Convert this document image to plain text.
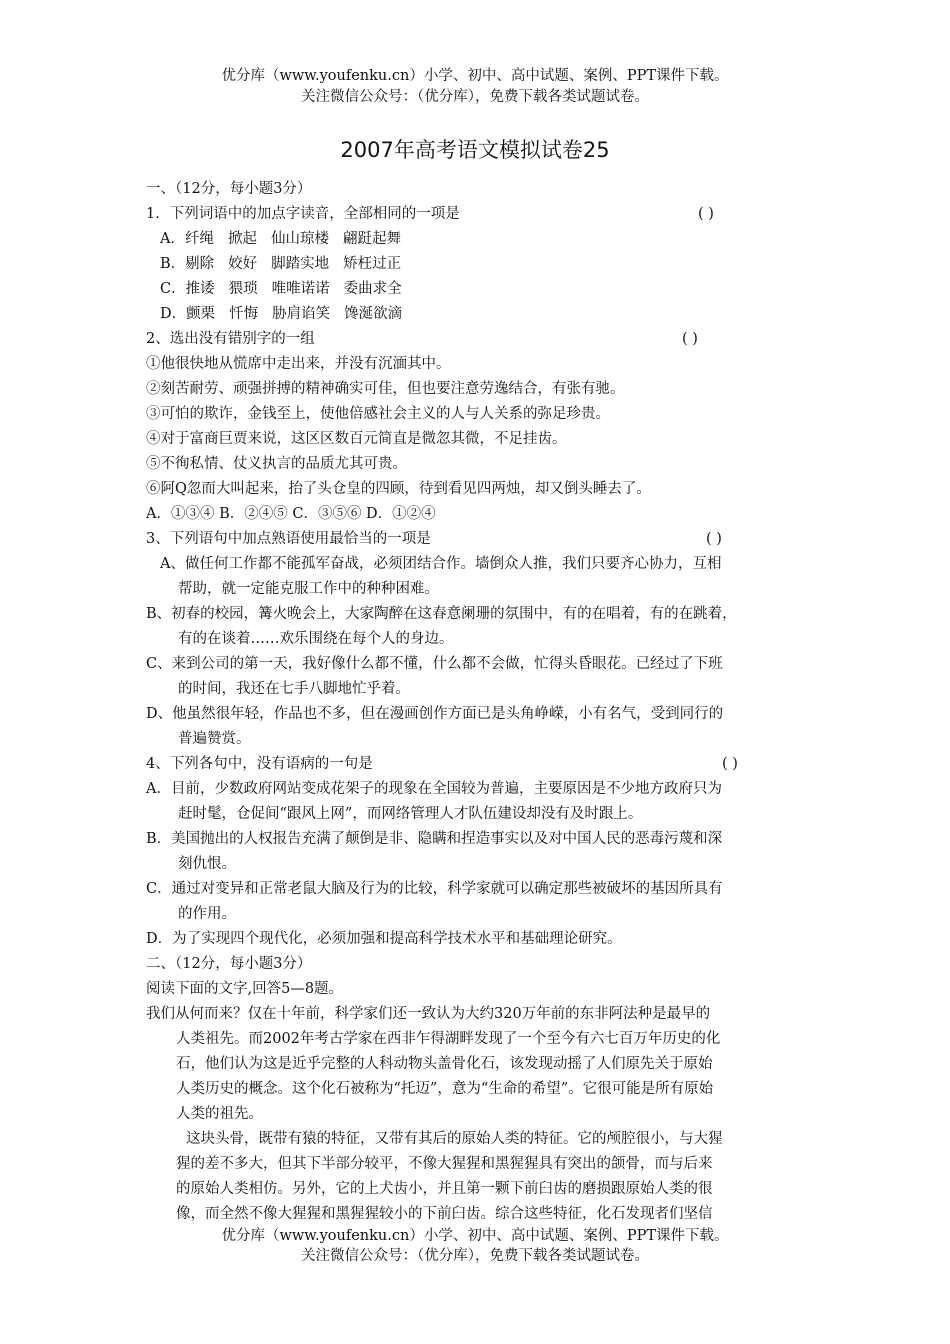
优分库（www.youfenku.cn）小学、初中、高中试题、案例、PPT课件下载。
关注微信公众号：（优分库），免费下载各类试题试卷。
2007年高考语文模拟试卷25
一、（12分，每小题3分）
1．下列词语中的加点字读音，全部相同的一项是	( )
A．纤绳 掀起 仙山琼楼 翩跹起舞
B．剔除 姣好 脚踏实地 矫枉过正
C．推诿 猥琐 唯唯诺诺 委曲求全
D．颤栗 忏悔 胁肩谄笑 馋涎欲滴
2、选出没有错别字的一组	( )
①他很快地从慌席中走出来，并没有沉湎其中。
②刻苦耐劳、顽强拼搏的精神确实可佳，但也要注意劳逸结合，有张有驰。
③可怕的欺诈，金钱至上，使他倍感社会主义的人与人关系的弥足珍贵。
④对于富商巨贾来说，这区区数百元简直是微忽其微，不足挂齿。
⑤不徇私情、仗义执言的品质尤其可贵。
⑥阿Q忽而大叫起来，抬了头仓皇的四顾，待到看见四两烛，却又倒头睡去了。
A．①③④ B．②④⑤ C．③⑤⑥ D．①②④
3、下列语句中加点熟语使用最恰当的一项是	( )
A、做任何工作都不能孤军奋战，必须团结合作。墙倒众人推，我们只要齐心协力，互相
帮助，就一定能克服工作中的种种困难。
B、初春的校园，篝火晚会上，大家陶醉在这春意阑珊的氛围中，有的在唱着，有的在跳着，
有的在谈着……欢乐围绕在每个人的身边。
C、来到公司的第一天，我好像什么都不懂，什么都不会做，忙得头昏眼花。已经过了下班
的时间，我还在七手八脚地忙乎着。
D、他虽然很年轻，作品也不多，但在漫画创作方面已是头角峥嵘，小有名气，受到同行的
普遍赞赏。
4、下列各句中，没有语病的一句是	( )
A．目前，少数政府网站变成花架子的现象在全国较为普遍，主要原因是不少地方政府只为
赶时髦，仓促间“跟风上网”，而网络管理人才队伍建设却没有及时跟上。
B．美国抛出的人权报告充满了颠倒是非、隐瞒和捏造事实以及对中国人民的恶毒污蔑和深
刻仇恨。
C．通过对变异和正常老鼠大脑及行为的比较，科学家就可以确定那些被破坏的基因所具有
的作用。
D．为了实现四个现代化，必须加强和提高科学技术水平和基础理论研究。
二、（12分，每小题3分）
阅读下面的文字,回答5—8题。
我们从何而来？仅在十年前，科学家们还一致认为大约320万年前的东非阿法种是最早的
人类祖先。而2002年考古学家在西非乍得湖畔发现了一个至今有六七百万年历史的化
石，他们认为这是近乎完整的人科动物头盖骨化石，该发现动摇了人们原先关于原始
人类历史的概念。这个化石被称为“托迈”，意为“生命的希望”。它很可能是所有原始
人类的祖先。
这块头骨，既带有猿的特征，又带有其后的原始人类的特征。它的颅腔很小，与大猩
猩的差不多大，但其下半部分较平，不像大猩猩和黑猩猩具有突出的颌骨，而与后来
的原始人类相仿。另外，它的上犬齿小，并且第一颗下前臼齿的磨损跟原始人类的很
像，而全然不像大猩猩和黑猩猩较小的下前臼齿。综合这些特征，化石发现者们坚信
优分库（www.youfenku.cn）小学、初中、高中试题、案例、PPT课件下载。
关注微信公众号：（优分库），免费下载各类试题试卷。
